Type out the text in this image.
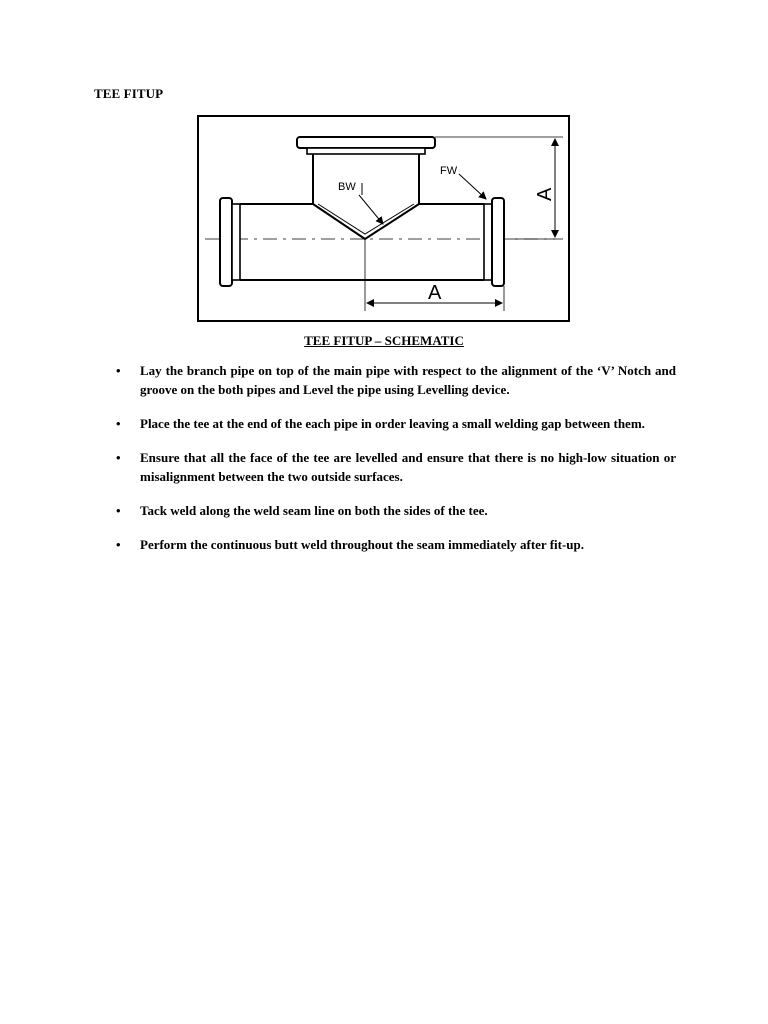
TEE FITUP
BW
FW
A
A

TEE FITUP – SCHEMATIC

• Lay the branch pipe on top of the main pipe with respect to the alignment of the ‘V’ Notch and groove on the both pipes and Level the pipe using Levelling device.
• Place the tee at the end of the each pipe in order leaving a small welding gap between them.
• Ensure that all the face of the tee are levelled and ensure that there is no high-low situation or misalignment between the two outside surfaces.
• Tack weld along the weld seam line on both the sides of the tee.
• Perform the continuous butt weld throughout the seam immediately after fit-up.
